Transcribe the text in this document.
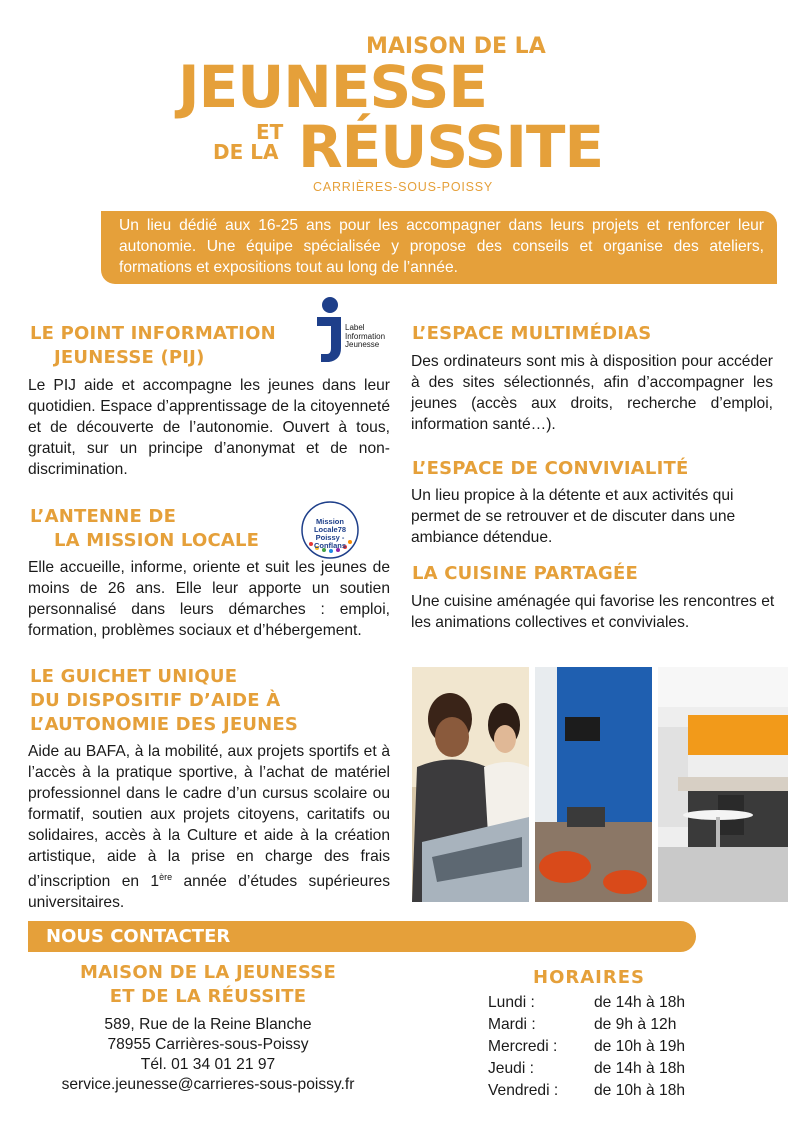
MAISON DE LA
JEUNESSE
ET
DE LA RÉUSSITE
CARRIÈRES-SOUS-POISSY
Un lieu dédié aux 16-25 ans pour les accompagner dans leurs projets et renforcer leur autonomie. Une équipe spécialisée y propose des conseils et organise des ateliers, formations et expositions tout au long de l’année.
LE POINT INFORMATION
JEUNESSE (PIJ)
Label
Information
Jeunesse
Le PIJ aide et accompagne les jeunes dans leur quotidien. Espace d’apprentissage de la citoyenneté et de découverte de l’autonomie. Ouvert à tous, gratuit, sur un principe d’anonymat et de non-discrimination.
L’ANTENNE DE
LA MISSION LOCALE
Mission Locale78
Poissy - Conflans
Elle accueille, informe, oriente et suit les jeunes de moins de 26 ans. Elle leur apporte un soutien personnalisé dans leurs démarches : emploi, formation, problèmes sociaux et d’hébergement.
LE GUICHET UNIQUE
DU DISPOSITIF D’AIDE À
L’AUTONOMIE DES JEUNES
Aide au BAFA, à la mobilité, aux projets sportifs et à l’accès à la pratique sportive, à l’achat de matériel professionnel dans le cadre d’un cursus scolaire ou formatif, soutien aux projets citoyens, caritatifs ou solidaires, accès à la Culture et aide à la création artistique, aide à la prise en charge des frais d’inscription en 1ère année d’études supérieures universitaires.
L’ESPACE MULTIMÉDIAS
Des ordinateurs sont mis à disposition pour accéder à des sites sélectionnés, afin d’accompagner les jeunes (accès aux droits, recherche d’emploi, information santé…).
L’ESPACE DE CONVIVIALITÉ
Un lieu propice à la détente et aux activités qui permet de se retrouver et de discuter dans une ambiance détendue.
LA CUISINE PARTAGÉE
Une cuisine aménagée qui favorise les rencontres et les animations collectives et conviviales.
NOUS CONTACTER
MAISON DE LA JEUNESSE
ET DE LA RÉUSSITE
589, Rue de la Reine Blanche
78955 Carrières-sous-Poissy
Tél. 01 34 01 21 97
service.jeunesse@carrieres-sous-poissy.fr
HORAIRES
Lundi :	de 14h à 18h
Mardi :	de 9h à 12h
Mercredi : de 10h à 19h
Jeudi :	de 14h à 18h
Vendredi : de 10h à 18h
